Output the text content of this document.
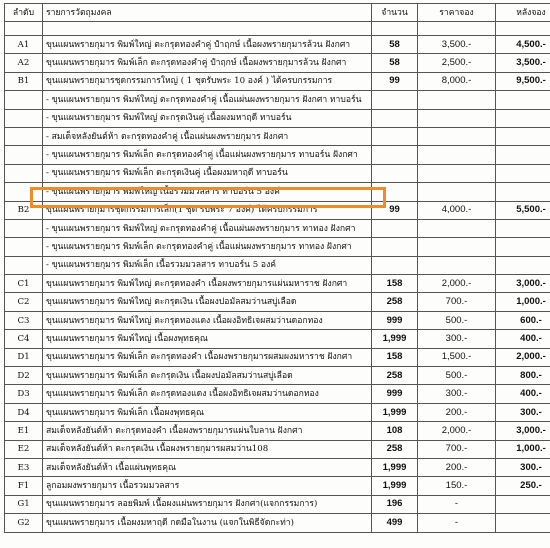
ลำดับ	รายการวัตถุมงคล	จำนวน	ราคาจอง	หลังจอง

A1	ขุนแผนพรายกุมาร พิมพ์ใหญ่ ตะกรุดทองคำคู่ ปำฤกษ์ เนื้อผงพรายกุมารล้วน ฝังกศา	58	3,500.-	4,500.-
A2	ขุนแผนพรายกุมาร พิมพ์เล็ก ตะกรุดทองคำคู่ ปำฤกษ์ เนื้อผงพรายกุมารล้วน ฝังกศา	58	2,500.-	3,500.-
B1	ขุนแผนพรายกุมารชุดกรรมการใหญ่ ( 1 ชุดรับพระ 10 องค์ ) ได้ครบกรรมการ	99	8,000.-	9,500.-
	- ขุนแผนพรายกุมาร พิมพ์ใหญ่ ตะกรุดทองคำคู่ เนื้อแผ่นผงพรายกุมาร ฝังกศา ทาบอร์น			
	- ขุนแผนพรายกุมาร พิมพ์ใหญ่ ตะกรุดเงินคู่ เนื้อผงมหาฤดี ทาบอร์น			
	- สมเด็จหลังยันต์ห้า ตะกรุดทองคำคู่ เนื้อแผ่นผงพรายกุมาร ฝังกศา			
	- ขุนแผนพรายกุมาร พิมพ์เล็ก ตะกรุดทองคำคู่ เนื้อแผ่นผงพรายกุมาร ทาบอร์น ฝังกศา			
	- ขุนแผนพรายกุมาร พิมพ์เล็ก ตะกรุดเงินคู่ เนื้อผงมหาฤดี ทาบอร์น			
	- ขุนแผนพรายกุมาร พิมพ์ใหญ่ เนื้อรวมมวลสาร ทาบอร์น 5 องค์			
B2	ขุนแผนพรายกุมารชุดกรรมการเล็ก(1 ชุด รับพระ 7 องค์) ได้ครบกรรมการ	99	4,000.-	5,500.-
	- ขุนแผนพรายกุมาร พิมพ์ใหญ่ ตะกรุดทองคำคู่ เนื้อแผ่นผงพรายกุมาร ทาทอง ฝังกศา			
	- ขุนแผนพรายกุมาร พิมพ์เล็ก ตะกรุดทองคำคู่ เนื้อแผ่นผงพรายกุมาร ทาทอง ฝังกศา			
	- ขุนแผนพรายกุมาร พิมพ์เล็ก เนื้อรวมมวลสาร ทาบอร์น 5 องค์			
C1	ขุนแผนพรายกุมาร พิมพ์ใหญ่ ตะกรุดทองคำ เนื้อผงพรายกุมารแผ่นมหาราช ฝังกศา	158	2,000.-	3,000.-
C2	ขุนแผนพรายกุมาร พิมพ์ใหญ่ ตะกรุดเงิน เนื้อผงปอมัลสมว่านสบู่เลือด	258	700.-	1,000.-
C3	ขุนแผนพรายกุมาร พิมพ์ใหญ่ ตะกรุดทองแดง เนื้อผงอิทธิเจผสมว่านดอกทอง	999	500.-	600.-
C4	ขุนแผนพรายกุมาร พิมพ์ใหญ่ เนื้อผงพุทธคุณ	1,999	300.-	400.-
D1	ขุนแผนพรายกุมาร พิมพ์เล็ก ตะกรุดทองคำ เนื้อผงพรายกุมารผสมผงมหาราช ฝังกศา	158	1,500.-	2,000.-
D2	ขุนแผนพรายกุมาร พิมพ์เล็ก ตะกรุดเงิน เนื้อผงปอมัลสมว่านสบู่เลือด	258	500.-	800.-
D3	ขุนแผนพรายกุมาร พิมพ์เล็ก ตะกรุดทองแดง เนื้อผงอิทธิเจผสมว่านดอกทอง	999	300.-	400.-
D4	ขุนแผนพรายกุมาร พิมพ์เล็ก เนื้อผงพุทธคุณ	1,999	200.-	300.-
E1	สมเด็จหลังยันต์ห้า ตะกรุดทองคำ เนื้อผงพรายกุมารแผ่นใบลาน ฝังกศา	108	2,000.-	3,000.-
E2	สมเด็จหลังยันต์ห้า ตะกรุดเงิน เนื้อผงพรายกุมารผสมว่าน108	258	700.-	1,000.-
E3	สมเด็จหลังยันต์ห้า เนื้อแผ่นพุทธคุณ	1,999	200.-	300.-
F1	ลูกอมผงพรายกุมาร เนื้อรวมมวลสาร	1,999	150.-	250.-
G1	ขุนแผนพรายกุมาร ลอยพิมพ์ เนื้อผงแผ่นพรายกุมาร ฝังกศา(แจกกรรมการ)	196	-	
G2	ขุนแผนพรายกุมาร เนื้อผงมหาฤดี กดมือในงาน (แจกในพิธีจัดกะท่า)	499	-	
